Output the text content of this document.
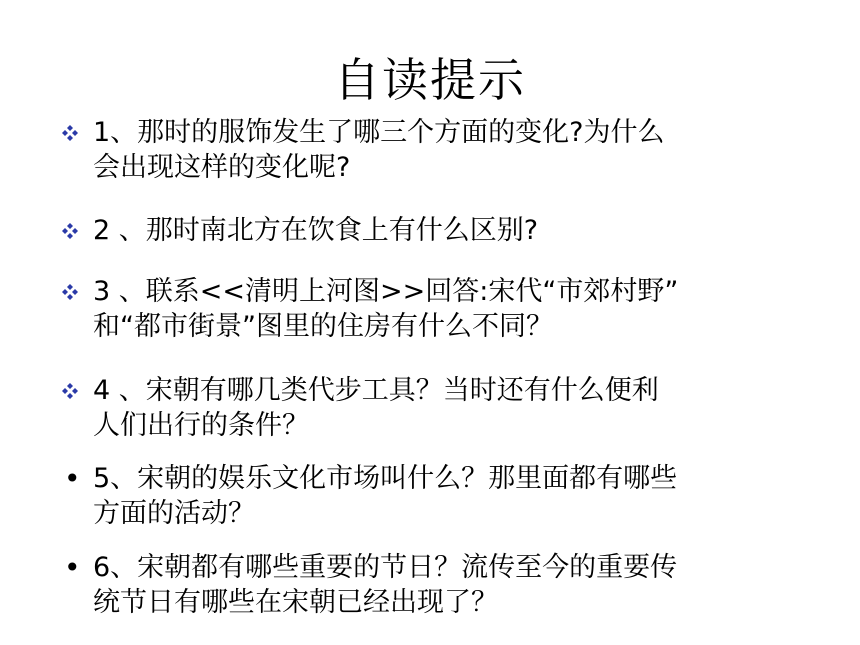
自读提示
1、那时的服饰发生了哪三个方面的变化?为什么
会出现这样的变化呢?
2 、那时南北方在饮食上有什么区别?
3 、联系<<清明上河图>>回答:宋代“市郊村野”
和“都市街景”图里的住房有什么不同？
4 、宋朝有哪几类代步工具？当时还有什么便利
人们出行的条件？
• 5、宋朝的娱乐文化市场叫什么？那里面都有哪些
方面的活动？
• 6、宋朝都有哪些重要的节日？流传至今的重要传
统节日有哪些在宋朝已经出现了？
